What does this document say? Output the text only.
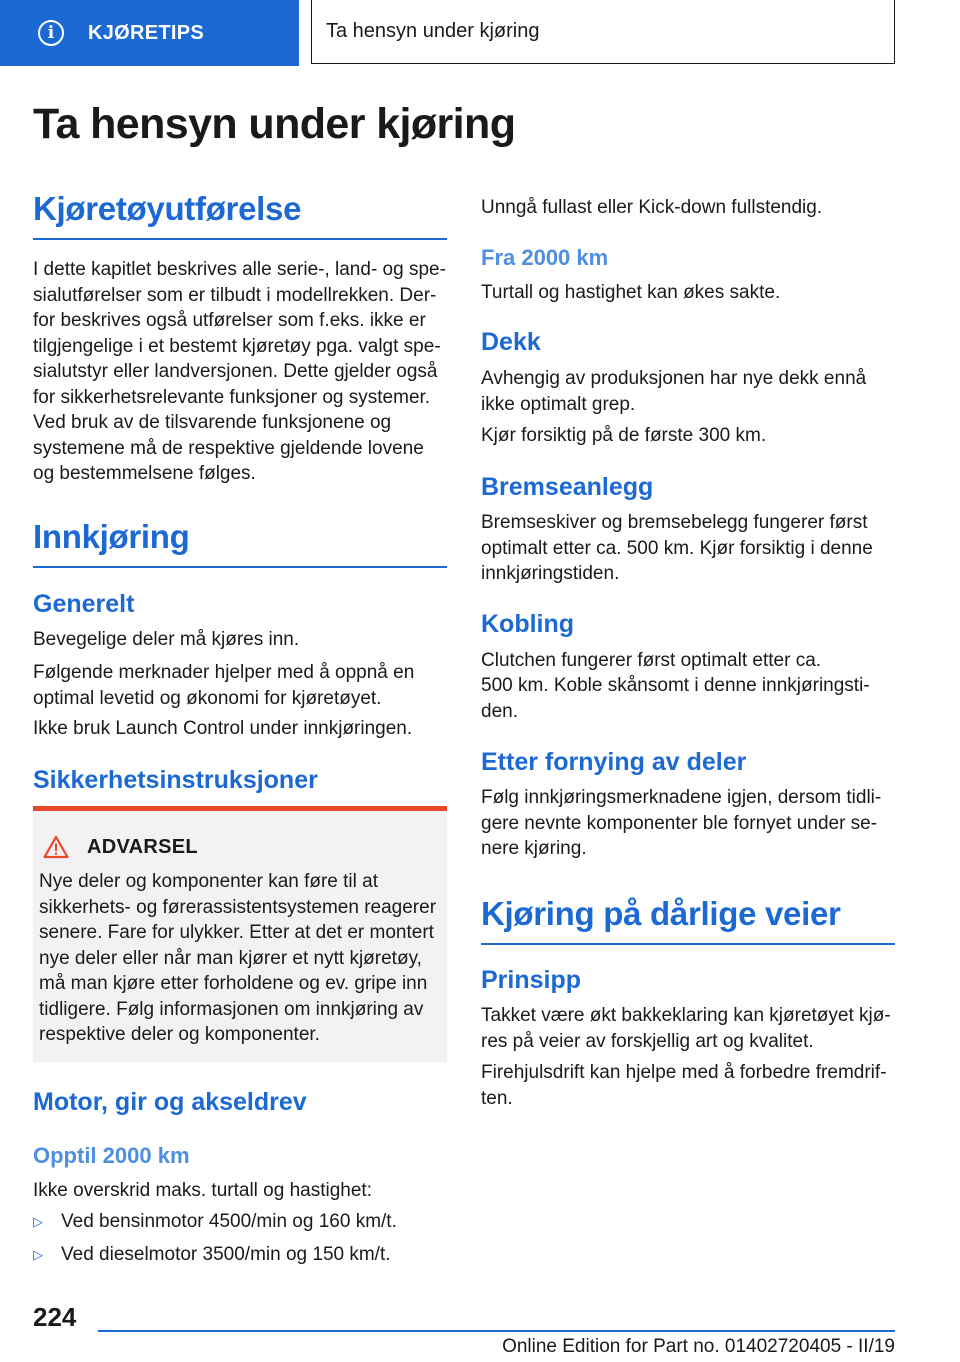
i	KJØRETIPS	Ta hensyn under kjøring
Ta hensyn under kjøring
Kjøretøyutførelse

I dette kapitlet beskrives alle serie-, land- og spesialutførelser som er tilbudt i modellrekken. Derfor beskrives også utførelser som f.eks. ikke er tilgjengelige i et bestemt kjøretøy pga. valgt spesialutstyr eller landversjonen. Dette gjelder også for sikkerhetsrelevante funksjoner og systemer. Ved bruk av de tilsvarende funksjonene og systemene må de respektive gjeldende lovene og bestemmelsene følges.

Innkjøring
Generelt

Bevegelige deler må kjøres inn.

Følgende merknader hjelper med å oppnå en optimal levetid og økonomi for kjøretøyet.

Ikke bruk Launch Control under innkjøringen.

Sikkerhetsinstruksjoner
ADVARSEL

Nye deler og komponenter kan føre til at sikkerhets- og førerassistentsystemen reagerer senere. Fare for ulykker. Etter at det er montert nye deler eller når man kjører et nytt kjøretøy, må man kjøre etter forholdene og ev. gripe inn tidligere. Følg informasjonen om innkjøring av respektive deler og komponenter.

Motor, gir og akseldrev
Opptil 2000 km

Ikke overskrid maks. turtall og hastighet:

▷ Ved bensinmotor 4500/min og 160 km/t.
▷ Ved dieselmotor 3500/min og 150 km/t.

Unngå fullast eller Kick-down fullstendig.

Fra 2000 km

Turtall og hastighet kan økes sakte.

Dekk

Avhengig av produksjonen har nye dekk ennå ikke optimalt grep.

Kjør forsiktig på de første 300 km.

Bremseanlegg

Bremseskiver og bremsebelegg fungerer først optimalt etter ca. 500 km. Kjør forsiktig i denne innkjøringstiden.

Kobling

Clutchen fungerer først optimalt etter ca.

500 km. Koble skånsomt i denne innkjøringstiden.

Etter fornying av deler

Følg innkjøringsmerknadene igjen, dersom tidligere nevnte komponenter ble fornyet under senere kjøring.

Kjøring på dårlige veier
Prinsipp

Takket være økt bakkeklaring kan kjøretøyet kjøres på veier av forskjellig art og kvalitet.

Firehjulsdrift kan hjelpe med å forbedre fremdriften.

224

Online Edition for Part no. 01402720405 - II/19
